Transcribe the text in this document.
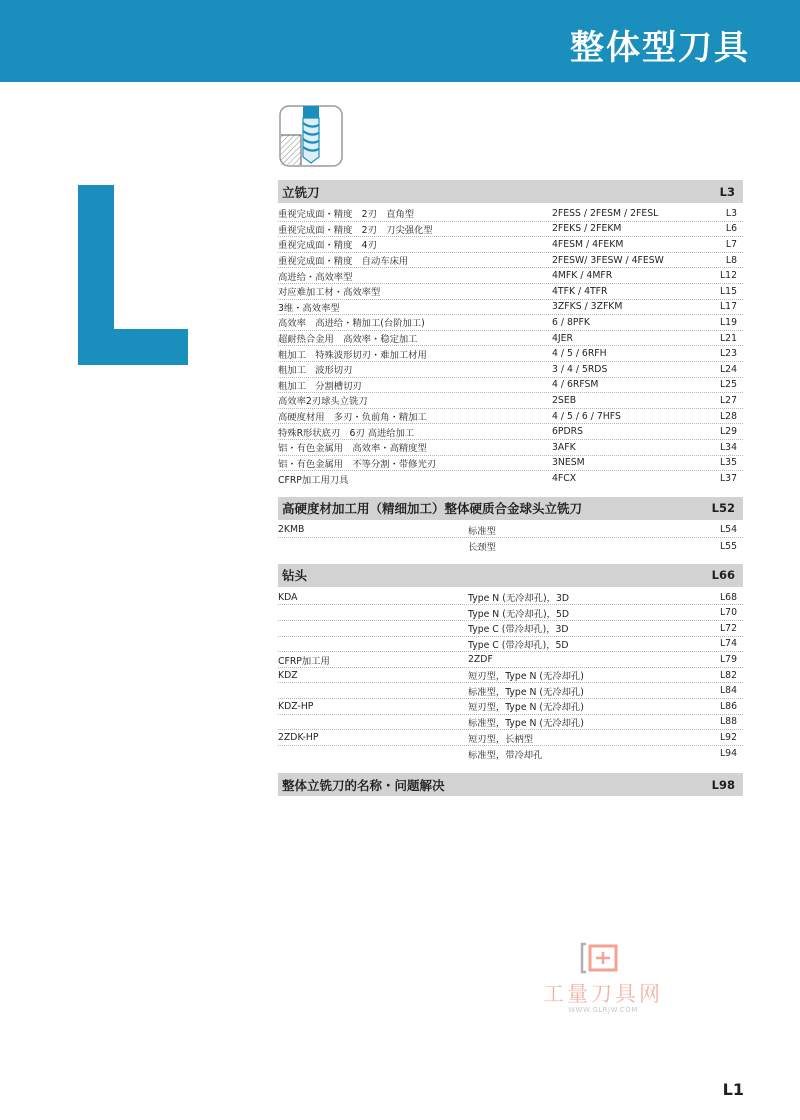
整体型刀具
立铣刀	L3
重视完成面・精度　2刃　直角型	2FESS / 2FESM / 2FESL	L3
重视完成面・精度　2刃　刀尖强化型	2FEKS / 2FEKM	L6
重视完成面・精度　4刃	4FESM / 4FEKM	L7
重视完成面・精度　自动车床用	2FESW/ 3FESW / 4FESW	L8
高进给・高效率型	4MFK / 4MFR	L12
对应难加工材・高效率型	4TFK / 4TFR	L15
3维・高效率型	3ZFKS / 3ZFKM	L17
高效率　高进给・精加工(台阶加工)	6 / 8PFK	L19
超耐热合金用　高效率・稳定加工	4JER	L21
粗加工　特殊波形切刃・难加工材用	4 / 5 / 6RFH	L23
粗加工　波形切刃	3 / 4 / 5RDS	L24
粗加工　分割槽切刃	4 / 6RFSM	L25
高效率2刃球头立铣刀	2SEB	L27
高硬度材用　多刃・负前角・精加工	4 / 5 / 6 / 7HFS	L28
特殊R形状底刃　6刃 高进给加工	6PDRS	L29
铝・有色金属用　高效率・高精度型	3AFK	L34
铝・有色金属用　不等分割・带修光刃	3NESM	L35
CFRP加工用刀具	4FCX	L37
高硬度材加工用（精细加工）整体硬质合金球头立铣刀	L52
2KMB	标准型	L54
长颈型	L55
钻头	L66
KDA	Type N (无冷却孔)，3D	L68
Type N (无冷却孔)，5D	L70
Type C (带冷却孔)，3D	L72
Type C (带冷却孔)，5D	L74
CFRP加工用	2ZDF	L79
KDZ	短刃型，Type N (无冷却孔)	L82
标准型，Type N (无冷却孔)	L84
KDZ-HP	短刃型，Type N (无冷却孔)	L86
标准型，Type N (无冷却孔)	L88
2ZDK-HP	短刃型，长柄型	L92
标准型，带冷却孔	L94
整体立铣刀的名称・问题解决	L98
工量刀具网
WWW.GLRJW.COM
L1
